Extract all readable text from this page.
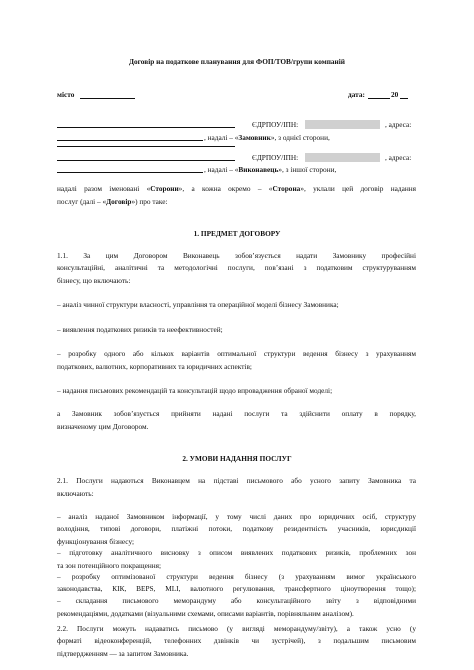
Договір на податкове планування для ФОП/ТОВ/групи компаній
місто	дата:	20
ЄДРПОУ/ІПН:	, адреса:
, надалі – «Замовник», з однієї сторони,
ЄДРПОУ/ІПН:	, адреса:
, надалі – «Виконавець», з іншої сторони,
надалі разом іменовані «Сторони», а кожна окремо – «Сторона», уклали цей договір надання
послуг (далі – «Договір») про таке:
1. ПРЕДМЕТ ДОГОВОРУ
1.1. За цим Договором Виконавець зобов’язується надати Замовнику професійні
консультаційні, аналітичні та методологічні послуги, пов’язані з податковим структуруванням
бізнесу, що включають:
– аналіз чинної структури власності, управління та операційної моделі бізнесу Замовника;
– виявлення податкових ризиків та неефективностей;
– розробку одного або кількох варіантів оптимальної структури ведення бізнесу з урахуванням
податкових, валютних, корпоративних та юридичних аспектів;
– надання письмових рекомендацій та консультацій щодо впровадження обраної моделі;
а Замовник зобов’язується прийняти надані послуги та здійснити оплату в порядку,
визначеному цим Договором.
2. УМОВИ НАДАННЯ ПОСЛУГ
2.1. Послуги надаються Виконавцем на підставі письмового або усного запиту Замовника та
включають:
– аналіз наданої Замовником інформації, у тому числі даних про юридичних осіб, структуру
володіння, типові договори, платіжні потоки, податкову резидентність учасників, юрисдикції
функціонування бізнесу;
– підготовку аналітичного висновку з описом виявлених податкових ризиків, проблемних зон
та зон потенційного покращення;
– розробку оптимізованої структури ведення бізнесу (з урахуванням вимог українського
законодавства, КІК, BEPS, MLI, валютного регулювання, трансфертного ціноутворення тощо);
– складання письмового меморандуму або консультаційного звіту з відповідними
рекомендаціями, додатками (візуальними схемами, описами варіантів, порівняльним аналізом).
2.2. Послуги можуть надаватись письмово (у вигляді меморандуму/звіту), а також усно (у
форматі відеоконференцій, телефонних дзвінків чи зустрічей), з подальшим письмовим
підтвердженням — за запитом Замовника.
